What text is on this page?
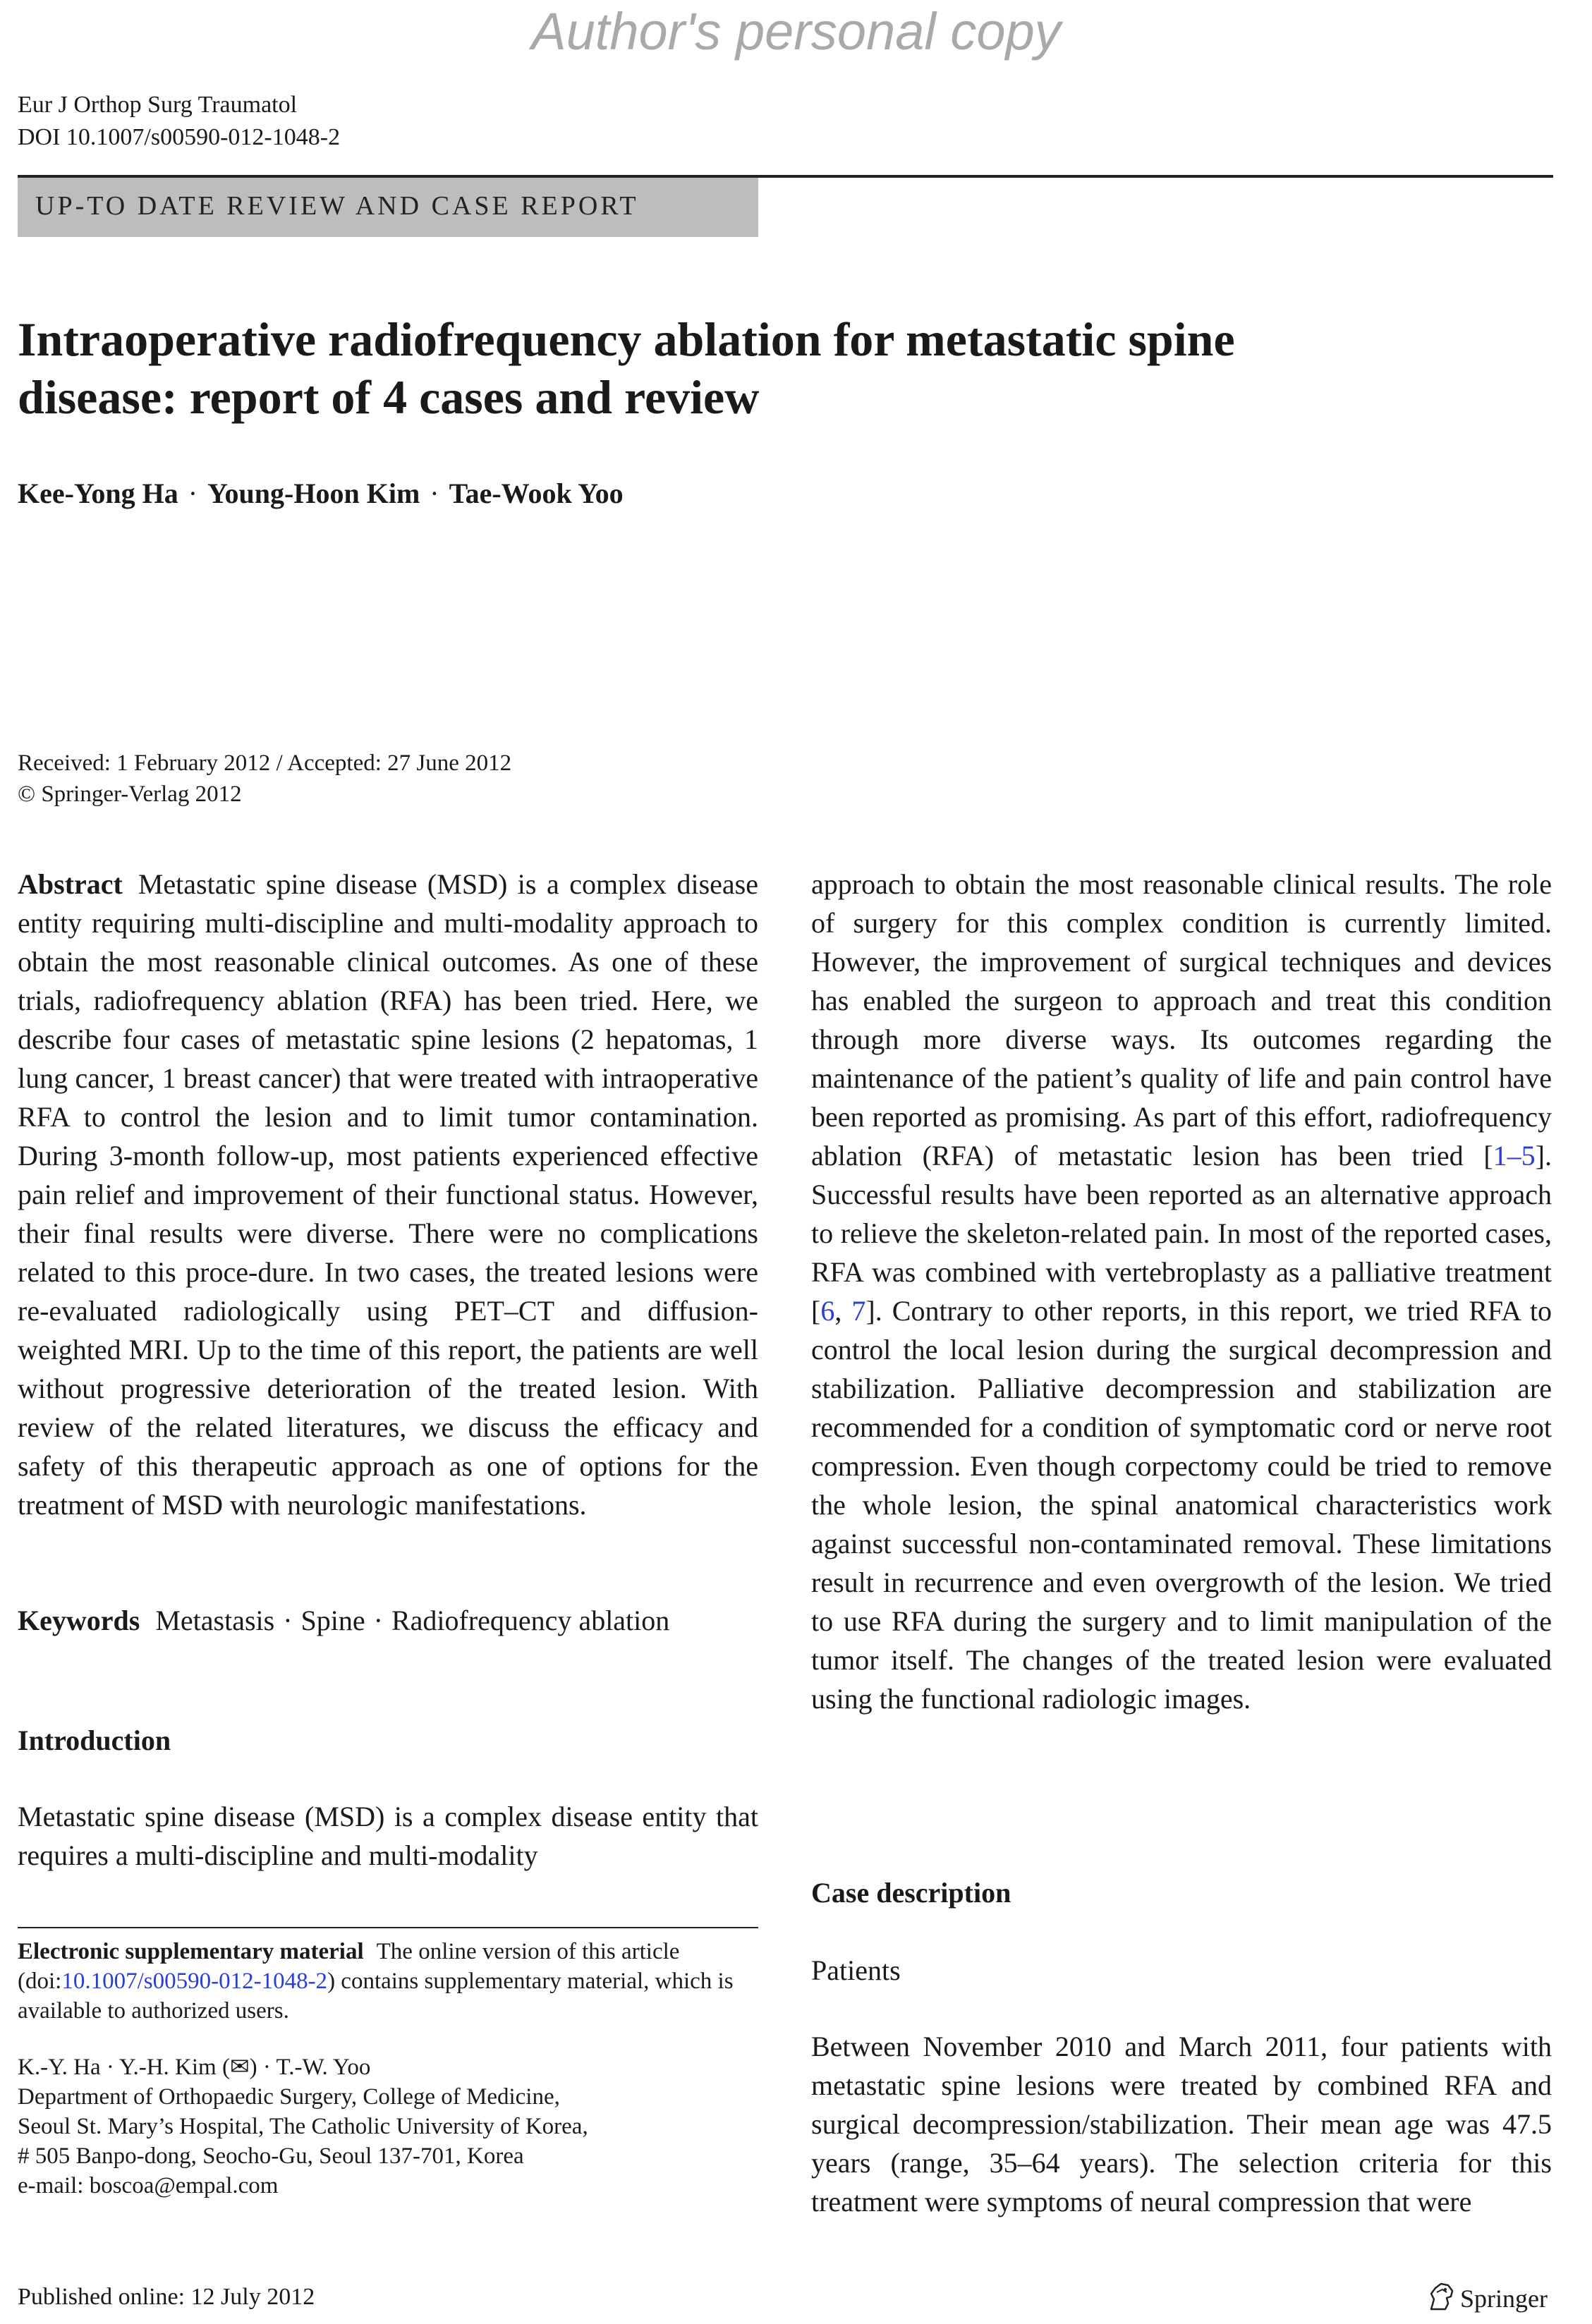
Author's personal copy
Eur J Orthop Surg Traumatol
DOI 10.1007/s00590-012-1048-2
UP-TO DATE REVIEW AND CASE REPORT
Intraoperative radiofrequency ablation for metastatic spine
disease: report of 4 cases and review
Kee-Yong Ha · Young-Hoon Kim · Tae-Wook Yoo
Received: 1 February 2012 / Accepted: 27 June 2012
© Springer-Verlag 2012

Abstract Metastatic spine disease (MSD) is a complex disease entity requiring multi-discipline and multi-modality approach to obtain the most reasonable clinical outcomes. As one of these trials, radiofrequency ablation (RFA) has been tried. Here, we describe four cases of metastatic spine lesions (2 hepatomas, 1 lung cancer, 1 breast cancer) that were treated with intraoperative RFA to control the lesion and to limit tumor contamination. During 3-month follow-up, most patients experienced effective pain relief and improvement of their functional status. However, their final results were diverse. There were no complications related to this proce-dure. In two cases, the treated lesions were re-evaluated radiologically using PET–CT and diffusion-weighted MRI. Up to the time of this report, the patients are well without progressive deterioration of the treated lesion. With review of the related literatures, we discuss the efficacy and safety of this therapeutic approach as one of options for the treatment of MSD with neurologic manifestations.

Keywords Metastasis · Spine · Radiofrequency ablation
Introduction

Metastatic spine disease (MSD) is a complex disease entity that requires a multi-discipline and multi-modality

approach to obtain the most reasonable clinical results. The role of surgery for this complex condition is currently limited. However, the improvement of surgical techniques and devices has enabled the surgeon to approach and treat this condition through more diverse ways. Its outcomes regarding the maintenance of the patient’s quality of life and pain control have been reported as promising. As part of this effort, radiofrequency ablation (RFA) of metastatic lesion has been tried [1–5]. Successful results have been reported as an alternative approach to relieve the skeleton-related pain. In most of the reported cases, RFA was combined with vertebroplasty as a palliative treatment [6, 7]. Contrary to other reports, in this report, we tried RFA to control the local lesion during the surgical decompression and stabilization. Palliative decompression and stabilization are recommended for a condition of symptomatic cord or nerve root compression. Even though corpectomy could be tried to remove the whole lesion, the spinal anatomical characteristics work against successful non-contaminated removal. These limitations result in recurrence and even overgrowth of the lesion. We tried to use RFA during the surgery and to limit manipulation of the tumor itself. The changes of the treated lesion were evaluated using the functional radiologic images.

Case description
Patients

Between November 2010 and March 2011, four patients with metastatic spine lesions were treated by combined RFA and surgical decompression/stabilization. Their mean age was 47.5 years (range, 35–64 years). The selection criteria for this treatment were symptoms of neural compression that were

Electronic supplementary material The online version of this article (doi:10.1007/s00590-012-1048-2) contains supplementary material, which is available to authorized users.
K.-Y. Ha · Y.-H. Kim (✉) · T.-W. Yoo
Department of Orthopaedic Surgery, College of Medicine,
Seoul St. Mary’s Hospital, The Catholic University of Korea,
# 505 Banpo-dong, Seocho-Gu, Seoul 137-701, Korea
e-mail: boscoa@empal.com
Published online: 12 July 2012	Springer
